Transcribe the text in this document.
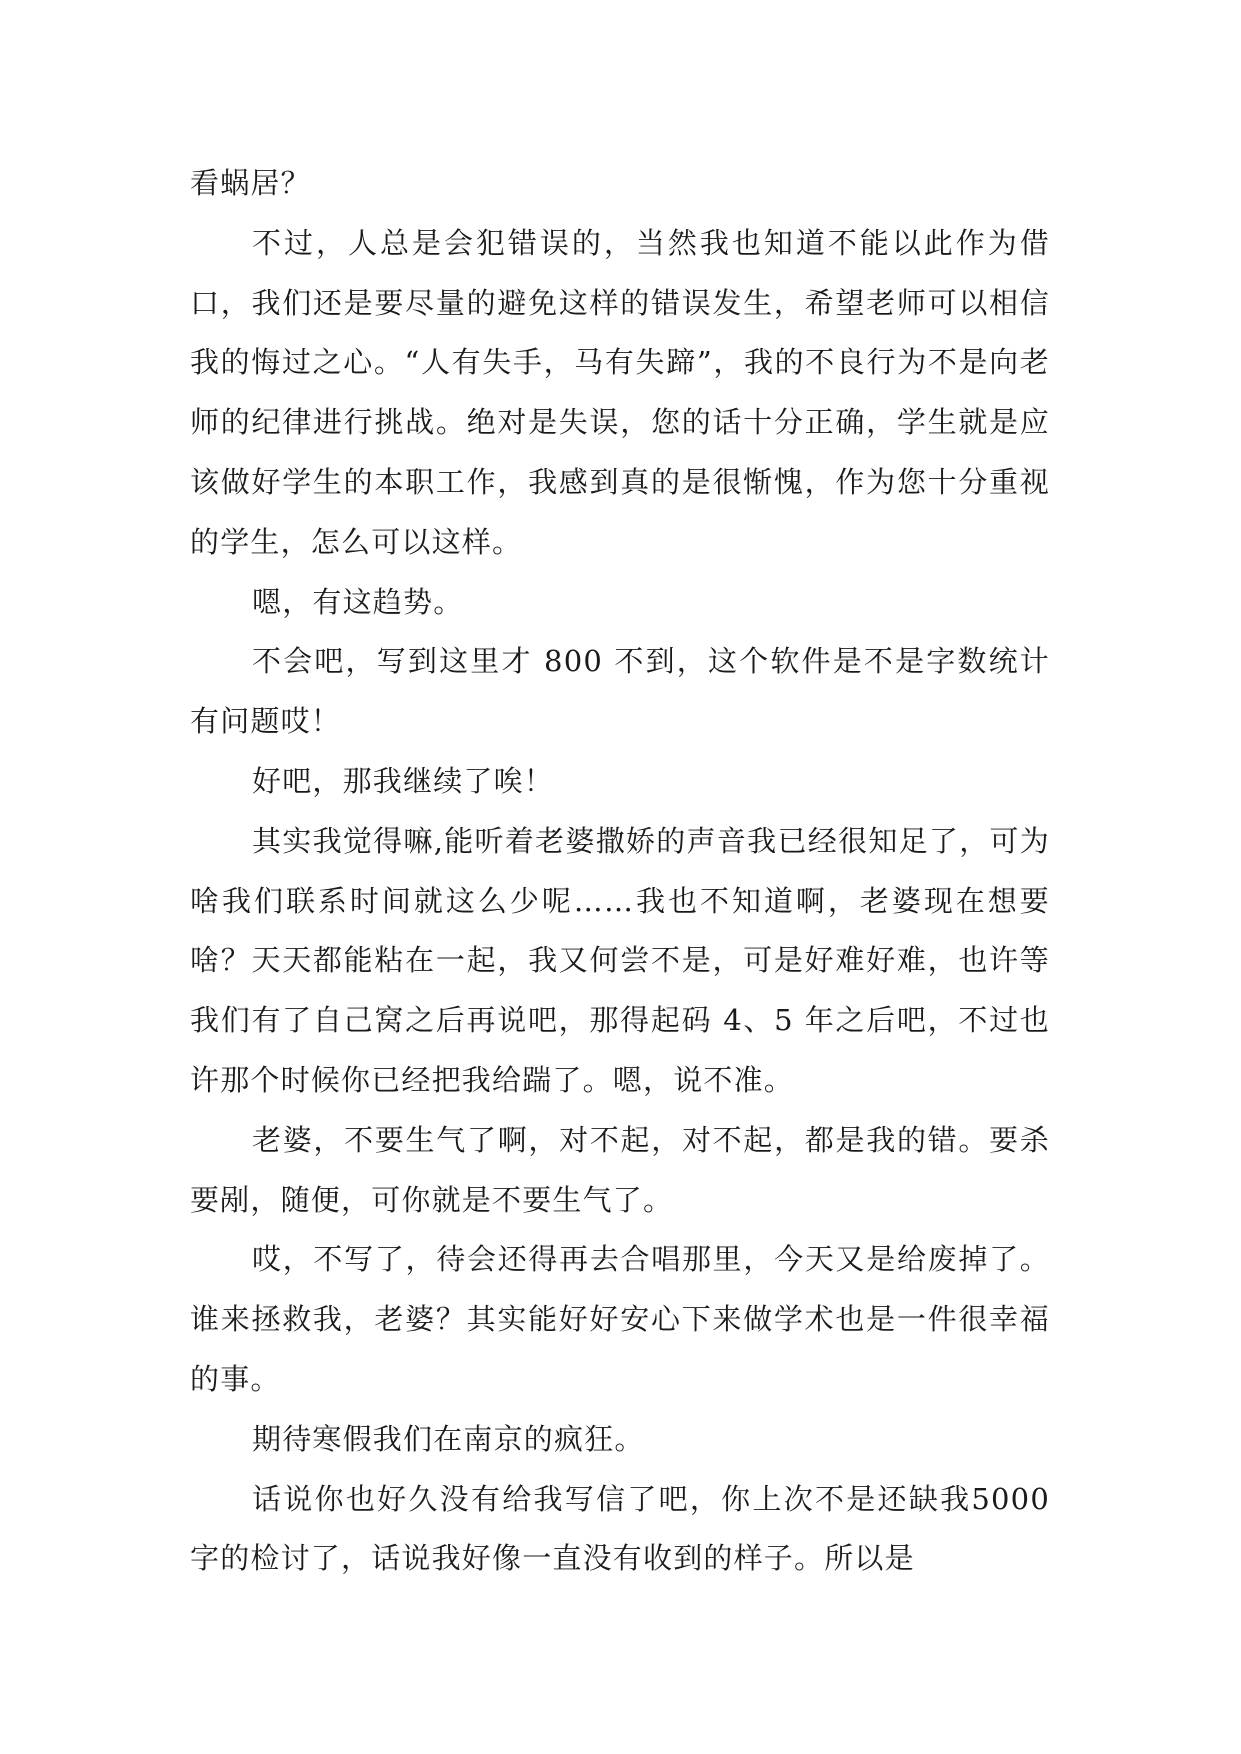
看蜗居？

不过，人总是会犯错误的，当然我也知道不能以此作为借口，我们还是要尽量的避免这样的错误发生，希望老师可以相信我的悔过之心。“人有失手，马有失蹄”，我的不良行为不是向老师的纪律进行挑战。绝对是失误，您的话十分正确，学生就是应该做好学生的本职工作，我感到真的是很惭愧，作为您十分重视的学生，怎么可以这样。

嗯，有这趋势。

不会吧，写到这里才 800 不到，这个软件是不是字数统计有问题哎！

好吧，那我继续了唉！

其实我觉得嘛,能听着老婆撒娇的声音我已经很知足了，可为啥我们联系时间就这么少呢……我也不知道啊，老婆现在想要啥？天天都能粘在一起，我又何尝不是，可是好难好难，也许等我们有了自己窝之后再说吧，那得起码 4、5 年之后吧，不过也许那个时候你已经把我给踹了。嗯，说不准。

老婆，不要生气了啊，对不起，对不起，都是我的错。要杀要剐，随便，可你就是不要生气了。

哎，不写了，待会还得再去合唱那里，今天又是给废掉了。谁来拯救我，老婆？其实能好好安心下来做学术也是一件很幸福的事。

期待寒假我们在南京的疯狂。

话说你也好久没有给我写信了吧，你上次不是还缺我5000 字的检讨了，话说我好像一直没有收到的样子。所以是
